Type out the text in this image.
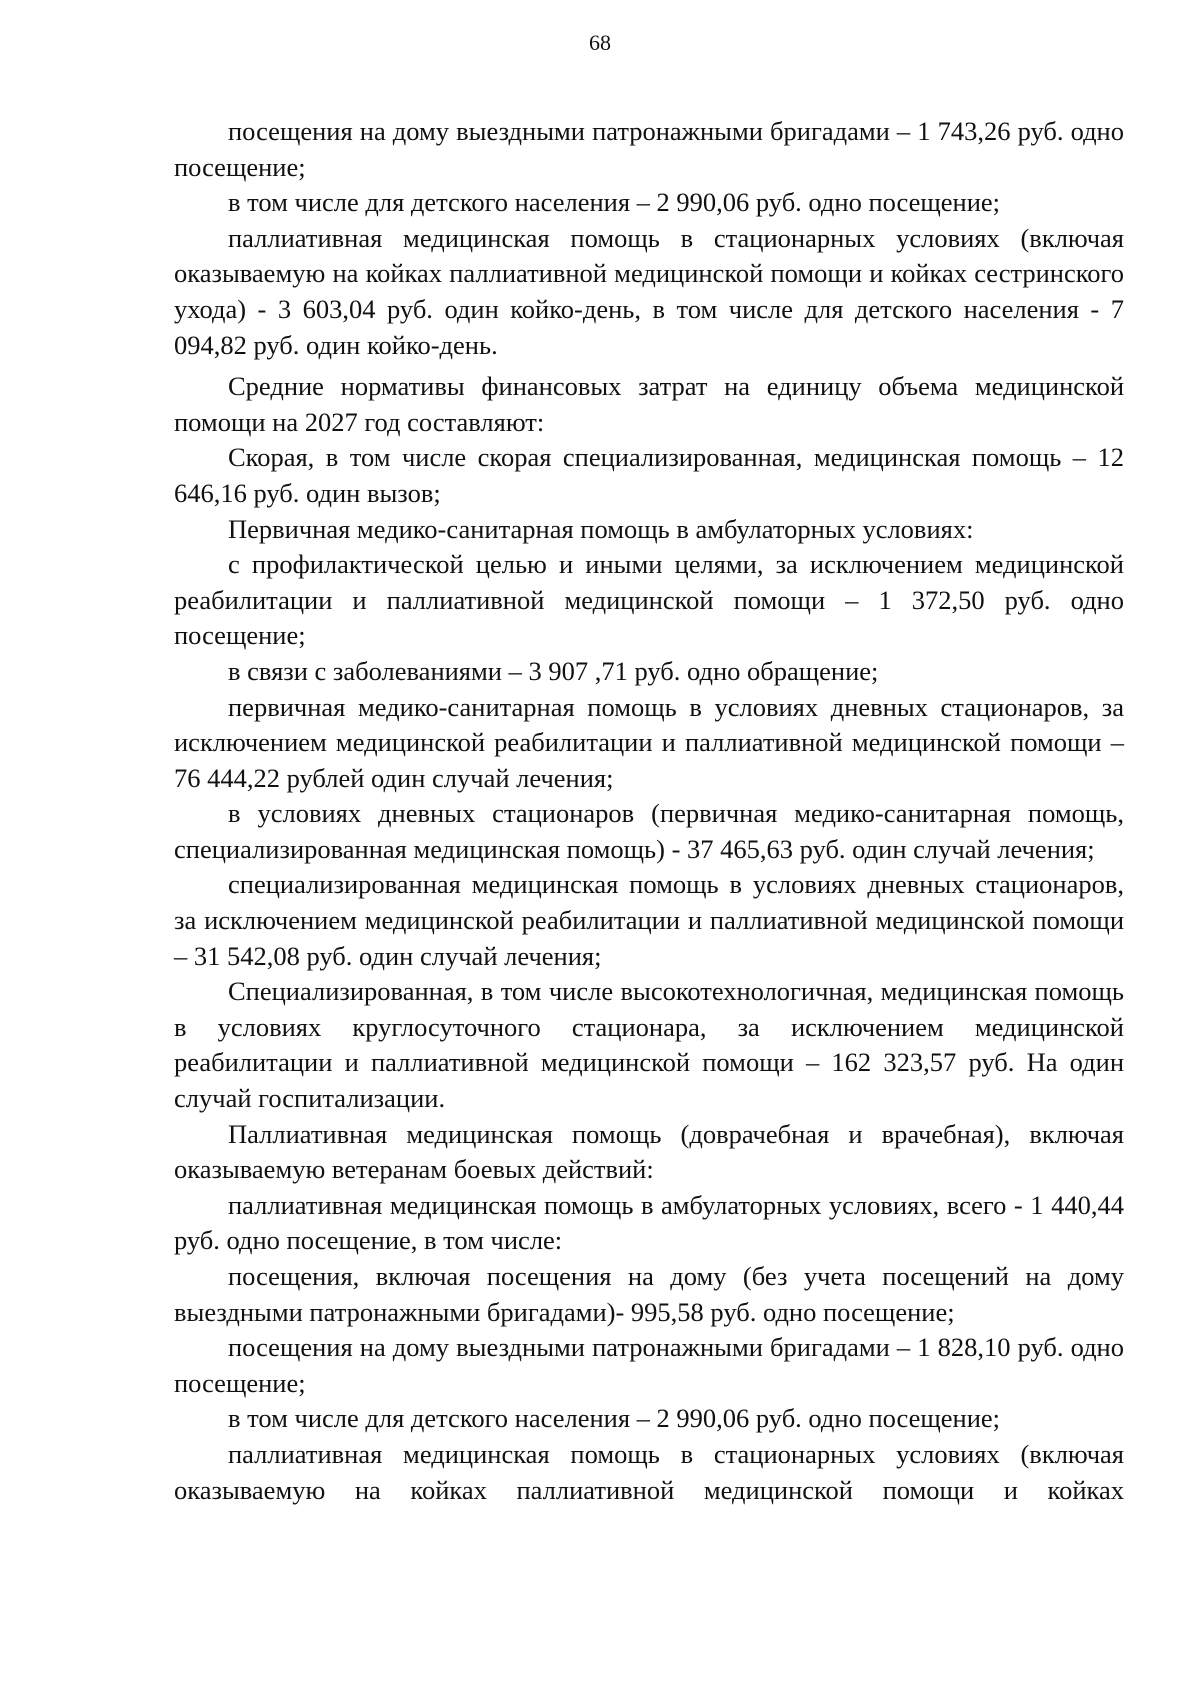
68

посещения на дому выездными патронажными бригадами – 1 743,26 руб. одно посещение;

в том числе для детского населения – 2 990,06 руб. одно посещение;

паллиативная медицинская помощь в стационарных условиях (включая оказываемую на койках паллиативной медицинской помощи и койках сестринского ухода) - 3 603,04 руб. один койко-день, в том числе для детского населения - 7 094,82 руб. один койко-день.

Средние нормативы финансовых затрат на единицу объема медицинской помощи на 2027 год составляют:

Скорая, в том числе скорая специализированная, медицинская помощь – 12 646,16 руб. один вызов;

Первичная медико-санитарная помощь в амбулаторных условиях:

с профилактической целью и иными целями, за исключением медицинской реабилитации и паллиативной медицинской помощи – 1 372,50 руб. одно посещение;

в связи с заболеваниями – 3 907 ,71 руб. одно обращение;

первичная медико-санитарная помощь в условиях дневных стационаров, за исключением медицинской реабилитации и паллиативной медицинской помощи – 76 444,22 рублей один случай лечения;

в условиях дневных стационаров (первичная медико-санитарная помощь, специализированная медицинская помощь) - 37 465,63 руб. один случай лечения;

специализированная медицинская помощь в условиях дневных стационаров, за исключением медицинской реабилитации и паллиативной медицинской помощи – 31 542,08 руб. один случай лечения;

Специализированная, в том числе высокотехнологичная, медицинская помощь в условиях круглосуточного стационара, за исключением медицинской реабилитации и паллиативной медицинской помощи – 162 323,57 руб. На один случай госпитализации.

Паллиативная медицинская помощь (доврачебная и врачебная), включая оказываемую ветеранам боевых действий:

паллиативная медицинская помощь в амбулаторных условиях, всего - 1 440,44 руб. одно посещение, в том числе:

посещения, включая посещения на дому (без учета посещений на дому выездными патронажными бригадами)- 995,58 руб. одно посещение;

посещения на дому выездными патронажными бригадами – 1 828,10 руб. одно посещение;

в том числе для детского населения – 2 990,06 руб. одно посещение;

паллиативная медицинская помощь в стационарных условиях (включая оказываемую на койках паллиативной медицинской помощи и койках
